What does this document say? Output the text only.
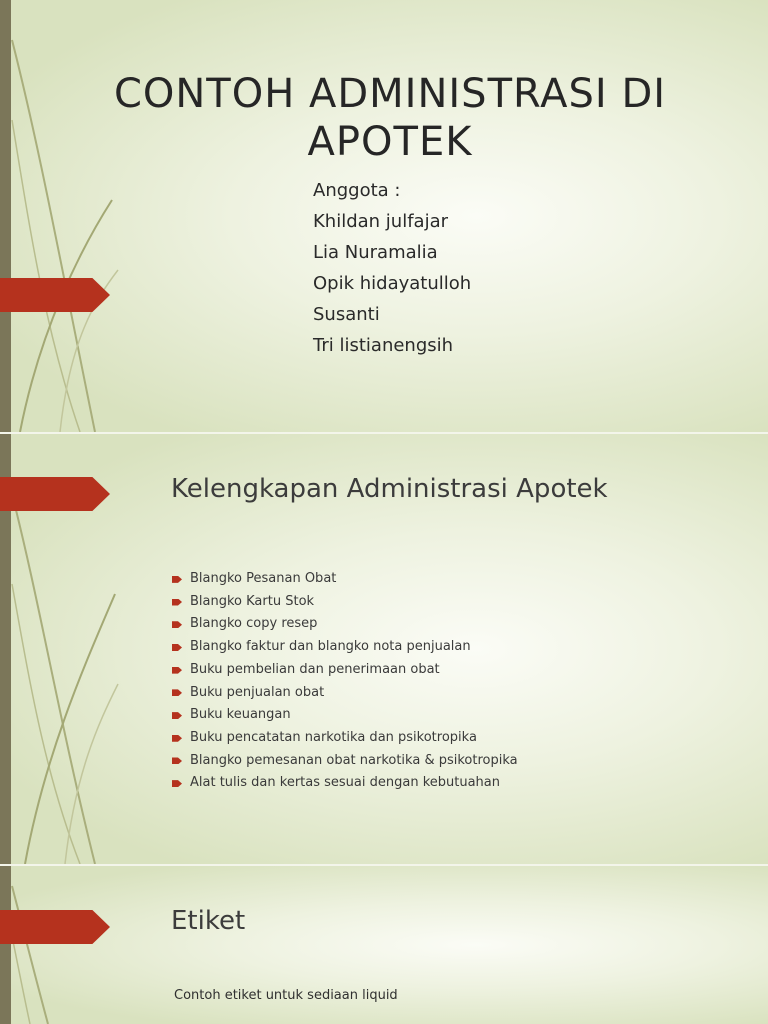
CONTOH ADMINISTRASI DI APOTEK
Anggota :
Khildan julfajar
Lia Nuramalia
Opik hidayatulloh
Susanti
Tri listianengsih
Kelengkapan Administrasi Apotek
Blangko Pesanan Obat
Blangko Kartu Stok
Blangko copy resep
Blangko faktur dan blangko nota penjualan
Buku pembelian dan penerimaan obat
Buku penjualan obat
Buku keuangan
Buku pencatatan narkotika dan psikotropika
Blangko pemesanan obat narkotika & psikotropika
Alat tulis dan kertas sesuai dengan kebutuahan
Etiket
Contoh etiket untuk sediaan liquid
